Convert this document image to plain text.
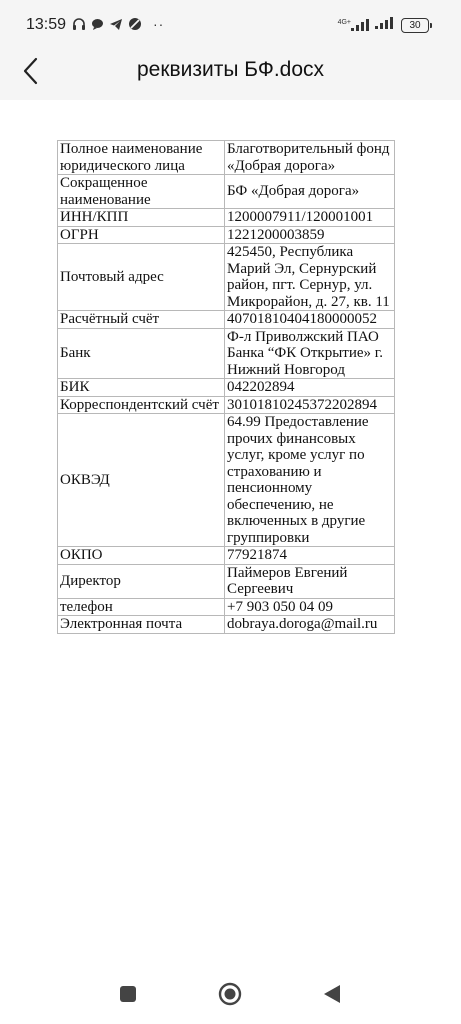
13:59	··	4G+	30
реквизиты БФ.docx
Полное наименование юридического лица	Благотворительный фонд «Добрая дорога»
Сокращенное наименование	БФ «Добрая дорога»
ИНН/КПП	1200007911/120001001
ОГРН	1221200003859
Почтовый адрес	425450, Республика Марий Эл, Сернурский район, пгт. Сернур, ул. Микрорайон, д. 27, кв. 11
Расчётный счёт	40701810404180000052
Банк	Ф-л Приволжский ПАО Банка “ФК Открытие» г. Нижний Новгород
БИК	042202894
Корреспондентский счёт	30101810245372202894
ОКВЭД	64.99 Предоставление прочих финансовых услуг, кроме услуг по страхованию и пенсионному обеспечению, не включенных в другие группировки
ОКПО	77921874
Директор	Паймеров Евгений Сергеевич
телефон	+7 903 050 04 09
Электронная почта	dobraya.doroga@mail.ru
